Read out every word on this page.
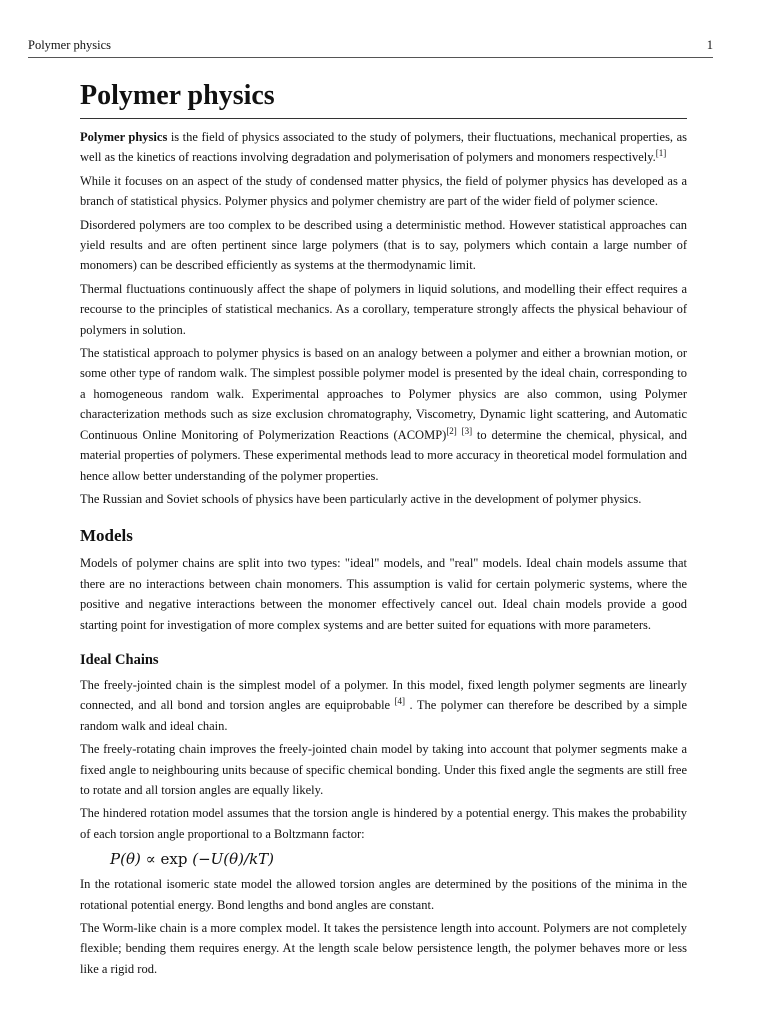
Polymer physics	1
Polymer physics

Polymer physics is the field of physics associated to the study of polymers, their fluctuations, mechanical properties, as well as the kinetics of reactions involving degradation and polymerisation of polymers and monomers respectively.[1]

While it focuses on an aspect of the study of condensed matter physics, the field of polymer physics has developed as a branch of statistical physics. Polymer physics and polymer chemistry are part of the wider field of polymer science.

Disordered polymers are too complex to be described using a deterministic method. However statistical approaches can yield results and are often pertinent since large polymers (that is to say, polymers which contain a large number of monomers) can be described efficiently as systems at the thermodynamic limit.

Thermal fluctuations continuously affect the shape of polymers in liquid solutions, and modelling their effect requires a recourse to the principles of statistical mechanics. As a corollary, temperature strongly affects the physical behaviour of polymers in solution.

The statistical approach to polymer physics is based on an analogy between a polymer and either a brownian motion, or some other type of random walk. The simplest possible polymer model is presented by the ideal chain, corresponding to a homogeneous random walk. Experimental approaches to Polymer physics are also common, using Polymer characterization methods such as size exclusion chromatography, Viscometry, Dynamic light scattering, and Automatic Continuous Online Monitoring of Polymerization Reactions (ACOMP)[2] [3] to determine the chemical, physical, and material properties of polymers. These experimental methods lead to more accuracy in theoretical model formulation and hence allow better understanding of the polymer properties.

The Russian and Soviet schools of physics have been particularly active in the development of polymer physics.

Models

Models of polymer chains are split into two types: "ideal" models, and "real" models. Ideal chain models assume that there are no interactions between chain monomers. This assumption is valid for certain polymeric systems, where the positive and negative interactions between the monomer effectively cancel out. Ideal chain models provide a good starting point for investigation of more complex systems and are better suited for equations with more parameters.

Ideal Chains

The freely-jointed chain is the simplest model of a polymer. In this model, fixed length polymer segments are linearly connected, and all bond and torsion angles are equiprobable [4] . The polymer can therefore be described by a simple random walk and ideal chain.

The freely-rotating chain improves the freely-jointed chain model by taking into account that polymer segments make a fixed angle to neighbouring units because of specific chemical bonding. Under this fixed angle the segments are still free to rotate and all torsion angles are equally likely.

The hindered rotation model assumes that the torsion angle is hindered by a potential energy. This makes the probability of each torsion angle proportional to a Boltzmann factor:

P(θ) ∝ exp (−U(θ)/kT)

In the rotational isomeric state model the allowed torsion angles are determined by the positions of the minima in the rotational potential energy. Bond lengths and bond angles are constant.

The Worm-like chain is a more complex model. It takes the persistence length into account. Polymers are not completely flexible; bending them requires energy. At the length scale below persistence length, the polymer behaves more or less like a rigid rod.
